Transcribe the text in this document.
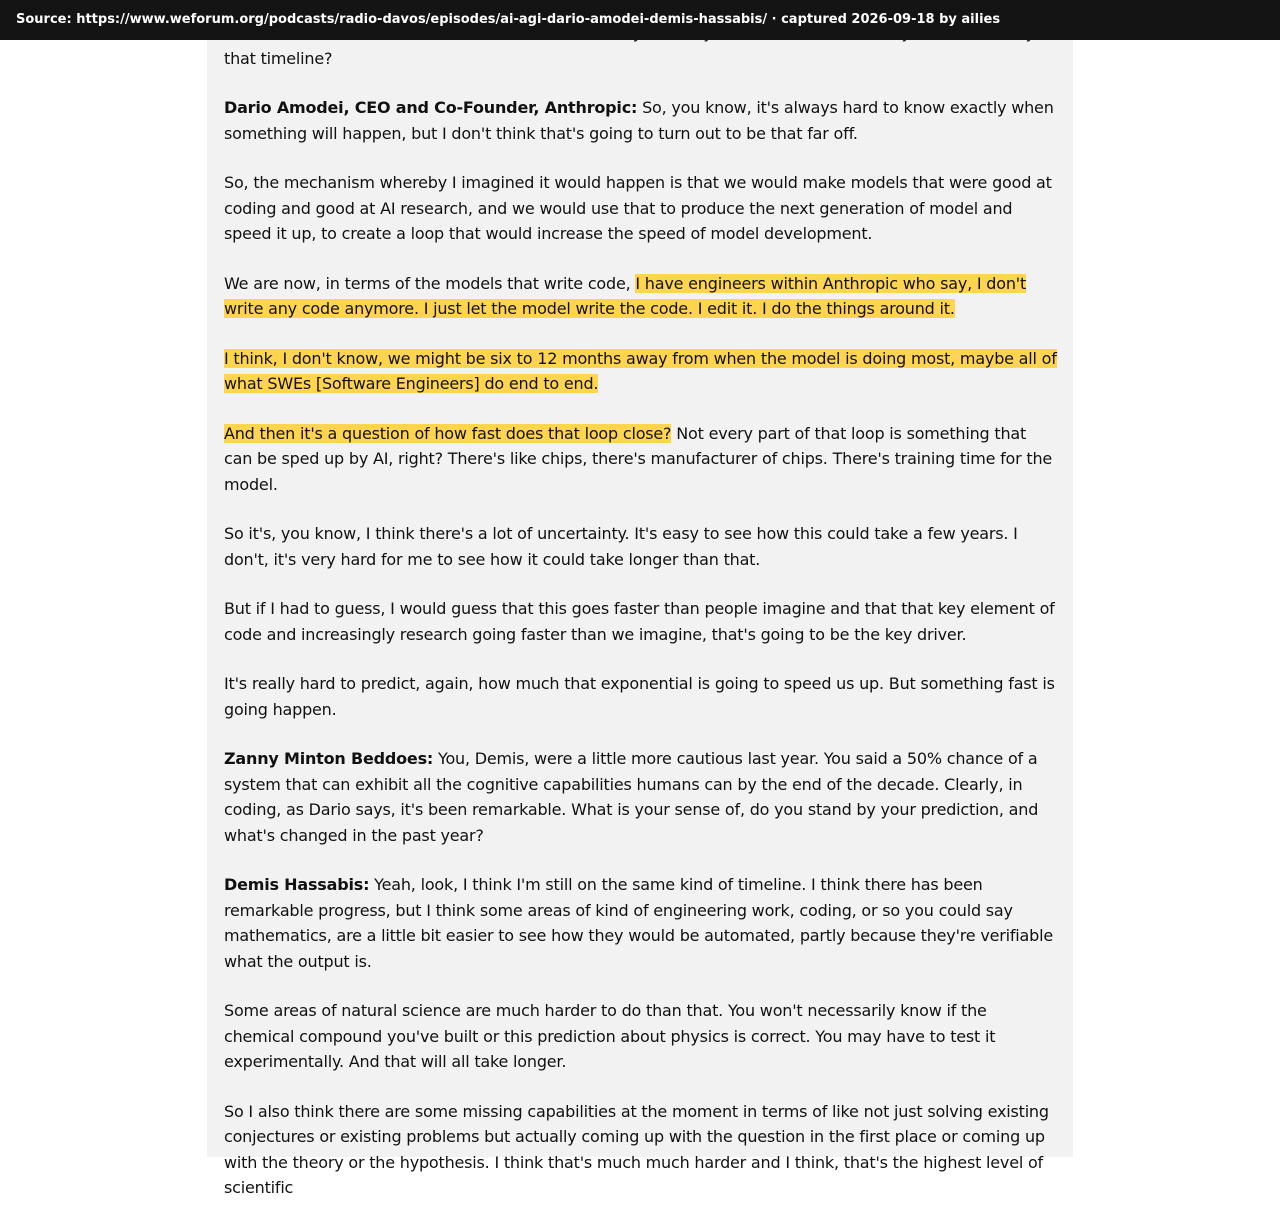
Source: https://www.weforum.org/podcasts/radio-davos/episodes/ai-agi-dario-amodei-demis-hassabis/ · captured 2026-09-18 by ailies

that timeline?

Dario Amodei, CEO and Co-Founder, Anthropic: So, you know, it's always hard to know exactly when something will happen, but I don't think that's going to turn out to be that far off.

So, the mechanism whereby I imagined it would happen is that we would make models that were good at coding and good at AI research, and we would use that to produce the next generation of model and speed it up, to create a loop that would increase the speed of model development.

We are now, in terms of the models that write code, I have engineers within Anthropic who say, I don't write any code anymore. I just let the model write the code. I edit it. I do the things around it.

I think, I don't know, we might be six to 12 months away from when the model is doing most, maybe all of what SWEs [Software Engineers] do end to end.

And then it's a question of how fast does that loop close? Not every part of that loop is something that can be sped up by AI, right? There's like chips, there's manufacturer of chips. There's training time for the model.

So it's, you know, I think there's a lot of uncertainty. It's easy to see how this could take a few years. I don't, it's very hard for me to see how it could take longer than that.

But if I had to guess, I would guess that this goes faster than people imagine and that that key element of code and increasingly research going faster than we imagine, that's going to be the key driver.

It's really hard to predict, again, how much that exponential is going to speed us up. But something fast is going happen.

Zanny Minton Beddoes: You, Demis, were a little more cautious last year. You said a 50% chance of a system that can exhibit all the cognitive capabilities humans can by the end of the decade. Clearly, in coding, as Dario says, it's been remarkable. What is your sense of, do you stand by your prediction, and what's changed in the past year?

Demis Hassabis: Yeah, look, I think I'm still on the same kind of timeline. I think there has been remarkable progress, but I think some areas of kind of engineering work, coding, or so you could say mathematics, are a little bit easier to see how they would be automated, partly because they're verifiable what the output is.

Some areas of natural science are much harder to do than that. You won't necessarily know if the chemical compound you've built or this prediction about physics is correct. You may have to test it experimentally. And that will all take longer.

So I also think there are some missing capabilities at the moment in terms of like not just solving existing conjectures or existing problems but actually coming up with the question in the first place or coming up with the theory or the hypothesis. I think that's much much harder and I think, that's the highest level of scientific
